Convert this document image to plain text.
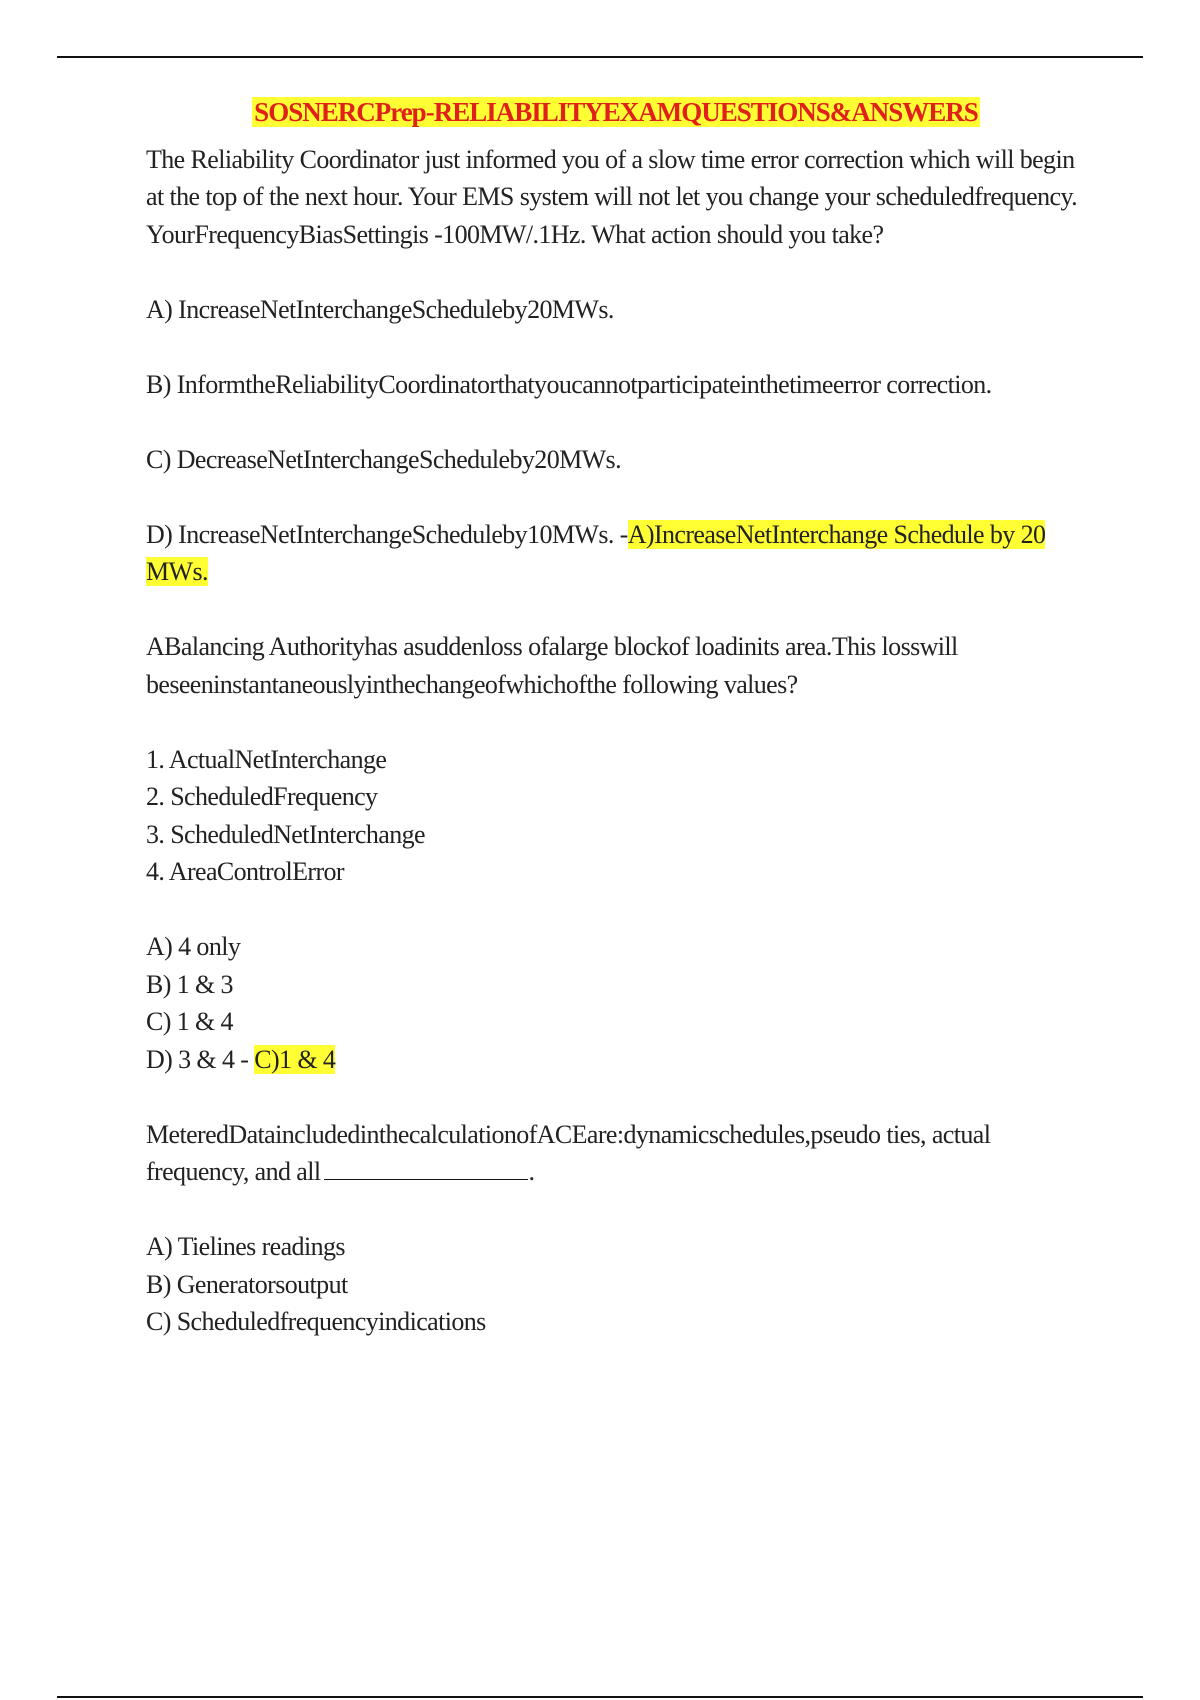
SOSNERCPrep-RELIABILITYEXAMQUESTIONS&ANSWERS

The Reliability Coordinator just informed you of a slow time error correction which will begin at the top of the next hour. Your EMS system will not let you change your scheduledfrequency. YourFrequencyBiasSettingis -100MW/.1Hz. What action should you take?

A) IncreaseNetInterchangeScheduleby20MWs.

B) InformtheReliabilityCoordinatorthatyoucannotparticipateinthetimeerror correction.

C) DecreaseNetInterchangeScheduleby20MWs.

D) IncreaseNetInterchangeScheduleby10MWs. -A)IncreaseNetInterchange Schedule by 20 MWs.

ABalancing Authorityhas asuddenloss ofalarge blockof loadinits area.This losswill beseeninstantaneouslyinthechangeofwhichofthe following values?

1. ActualNetInterchange

2. ScheduledFrequency

3. ScheduledNetInterchange

4. AreaControlError

A) 4 only

B) 1 & 3

C) 1 & 4

D) 3 & 4 - C)1 & 4

MeteredDataincludedinthecalculationofACEare:dynamicschedules,pseudo ties, actual frequency, and all	.

A) Tielines readings

B) Generatorsoutput

C) Scheduledfrequencyindications
